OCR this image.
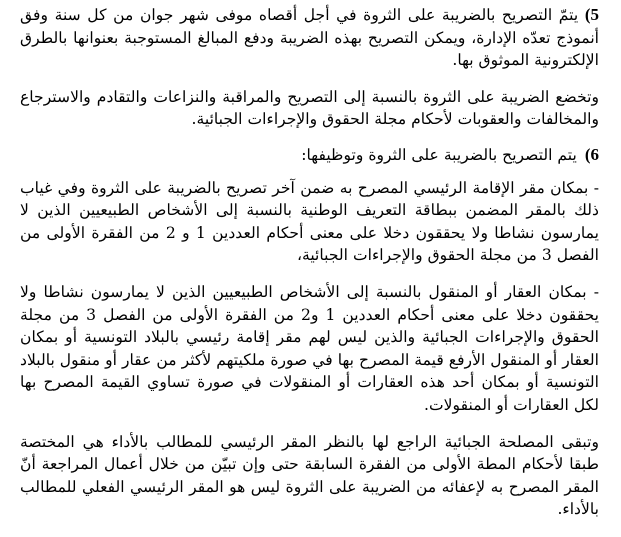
5) يتمّ التصريح بالضريبة على الثروة في أجل أقصاه موفى شهر جوان من كل سنة وفق أنموذج تعدّه الإدارة، ويمكن التصريح بهذه الضريبة ودفع المبالغ المستوجبة بعنوانها بالطرق الإلكترونية الموثوق بها.

وتخضع الضريبة على الثروة بالنسبة إلى التصريح والمراقبة والنزاعات والتقادم والاسترجاع والمخالفات والعقوبات لأحكام مجلة الحقوق والإجراءات الجبائية.

6) يتم التصريح بالضريبة على الثروة وتوظيفها:

- بمكان مقر الإقامة الرئيسي المصرح به ضمن آخر تصريح بالضريبة على الثروة وفي غياب ذلك بالمقر المضمن ببطاقة التعريف الوطنية بالنسبة إلى الأشخاص الطبيعيين الذين لا يمارسون نشاطا ولا يحققون دخلا على معنى أحكام العددين 1 و 2 من الفقرة الأولى من الفصل 3 من مجلة الحقوق والإجراءات الجبائية،

- بمكان العقار أو المنقول بالنسبة إلى الأشخاص الطبيعيين الذين لا يمارسون نشاطا ولا يحققون دخلا على معنى أحكام العددين 1 و2 من الفقرة الأولى من الفصل 3 من مجلة الحقوق والإجراءات الجبائية والذين ليس لهم مقر إقامة رئيسي بالبلاد التونسية أو بمكان العقار أو المنقول الأرفع قيمة المصرح بها في صورة ملكيتهم لأكثر من عقار أو منقول بالبلاد التونسية أو بمكان أحد هذه العقارات أو المنقولات في صورة تساوي القيمة المصرح بها لكل العقارات أو المنقولات.

وتبقى المصلحة الجبائية الراجع لها بالنظر المقر الرئيسي للمطالب بالأداء هي المختصة طبقا لأحكام المطة الأولى من الفقرة السابقة حتى وإن تبيّن من خلال أعمال المراجعة أنّ المقر المصرح به لإعفائه من الضريبة على الثروة ليس هو المقر الرئيسي الفعلي للمطالب بالأداء.
